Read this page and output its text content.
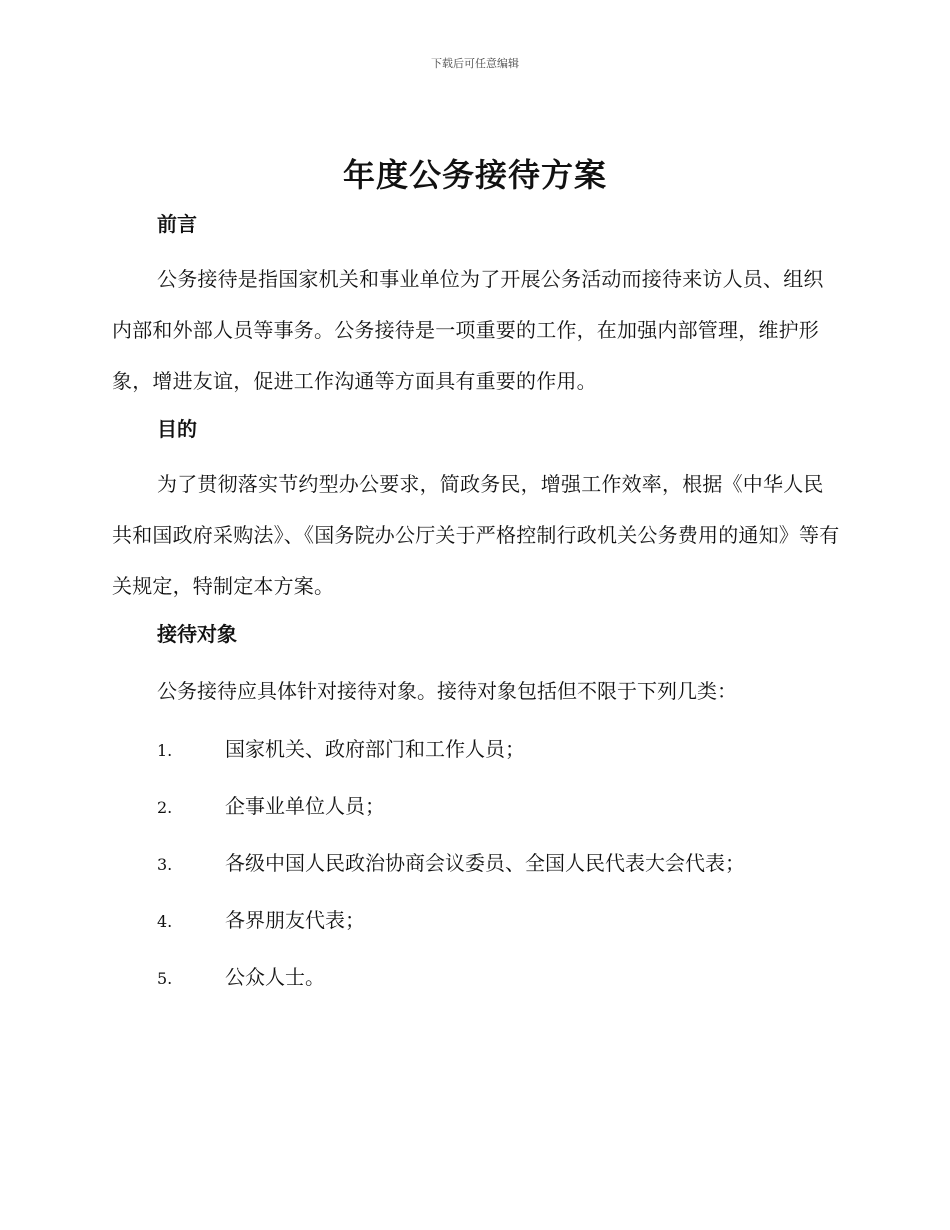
下载后可任意编辑
年度公务接待方案
前言

公务接待是指国家机关和事业单位为了开展公务活动而接待来访人员、组织内部和外部人员等事务。公务接待是一项重要的工作，在加强内部管理，维护形象，增进友谊，促进工作沟通等方面具有重要的作用。

目的

为了贯彻落实节约型办公要求，简政务民，增强工作效率，根据《中华人民共和国政府采购法》、《国务院办公厅关于严格控制行政机关公务费用的通知》等有关规定，特制定本方案。

接待对象
公务接待应具体针对接待对象。接待对象包括但不限于下列几类：
1.	国家机关、政府部门和工作人员；
2.	企事业单位人员；
3.	各级中国人民政治协商会议委员、全国人民代表大会代表；
4.	各界朋友代表；
5.	公众人士。
